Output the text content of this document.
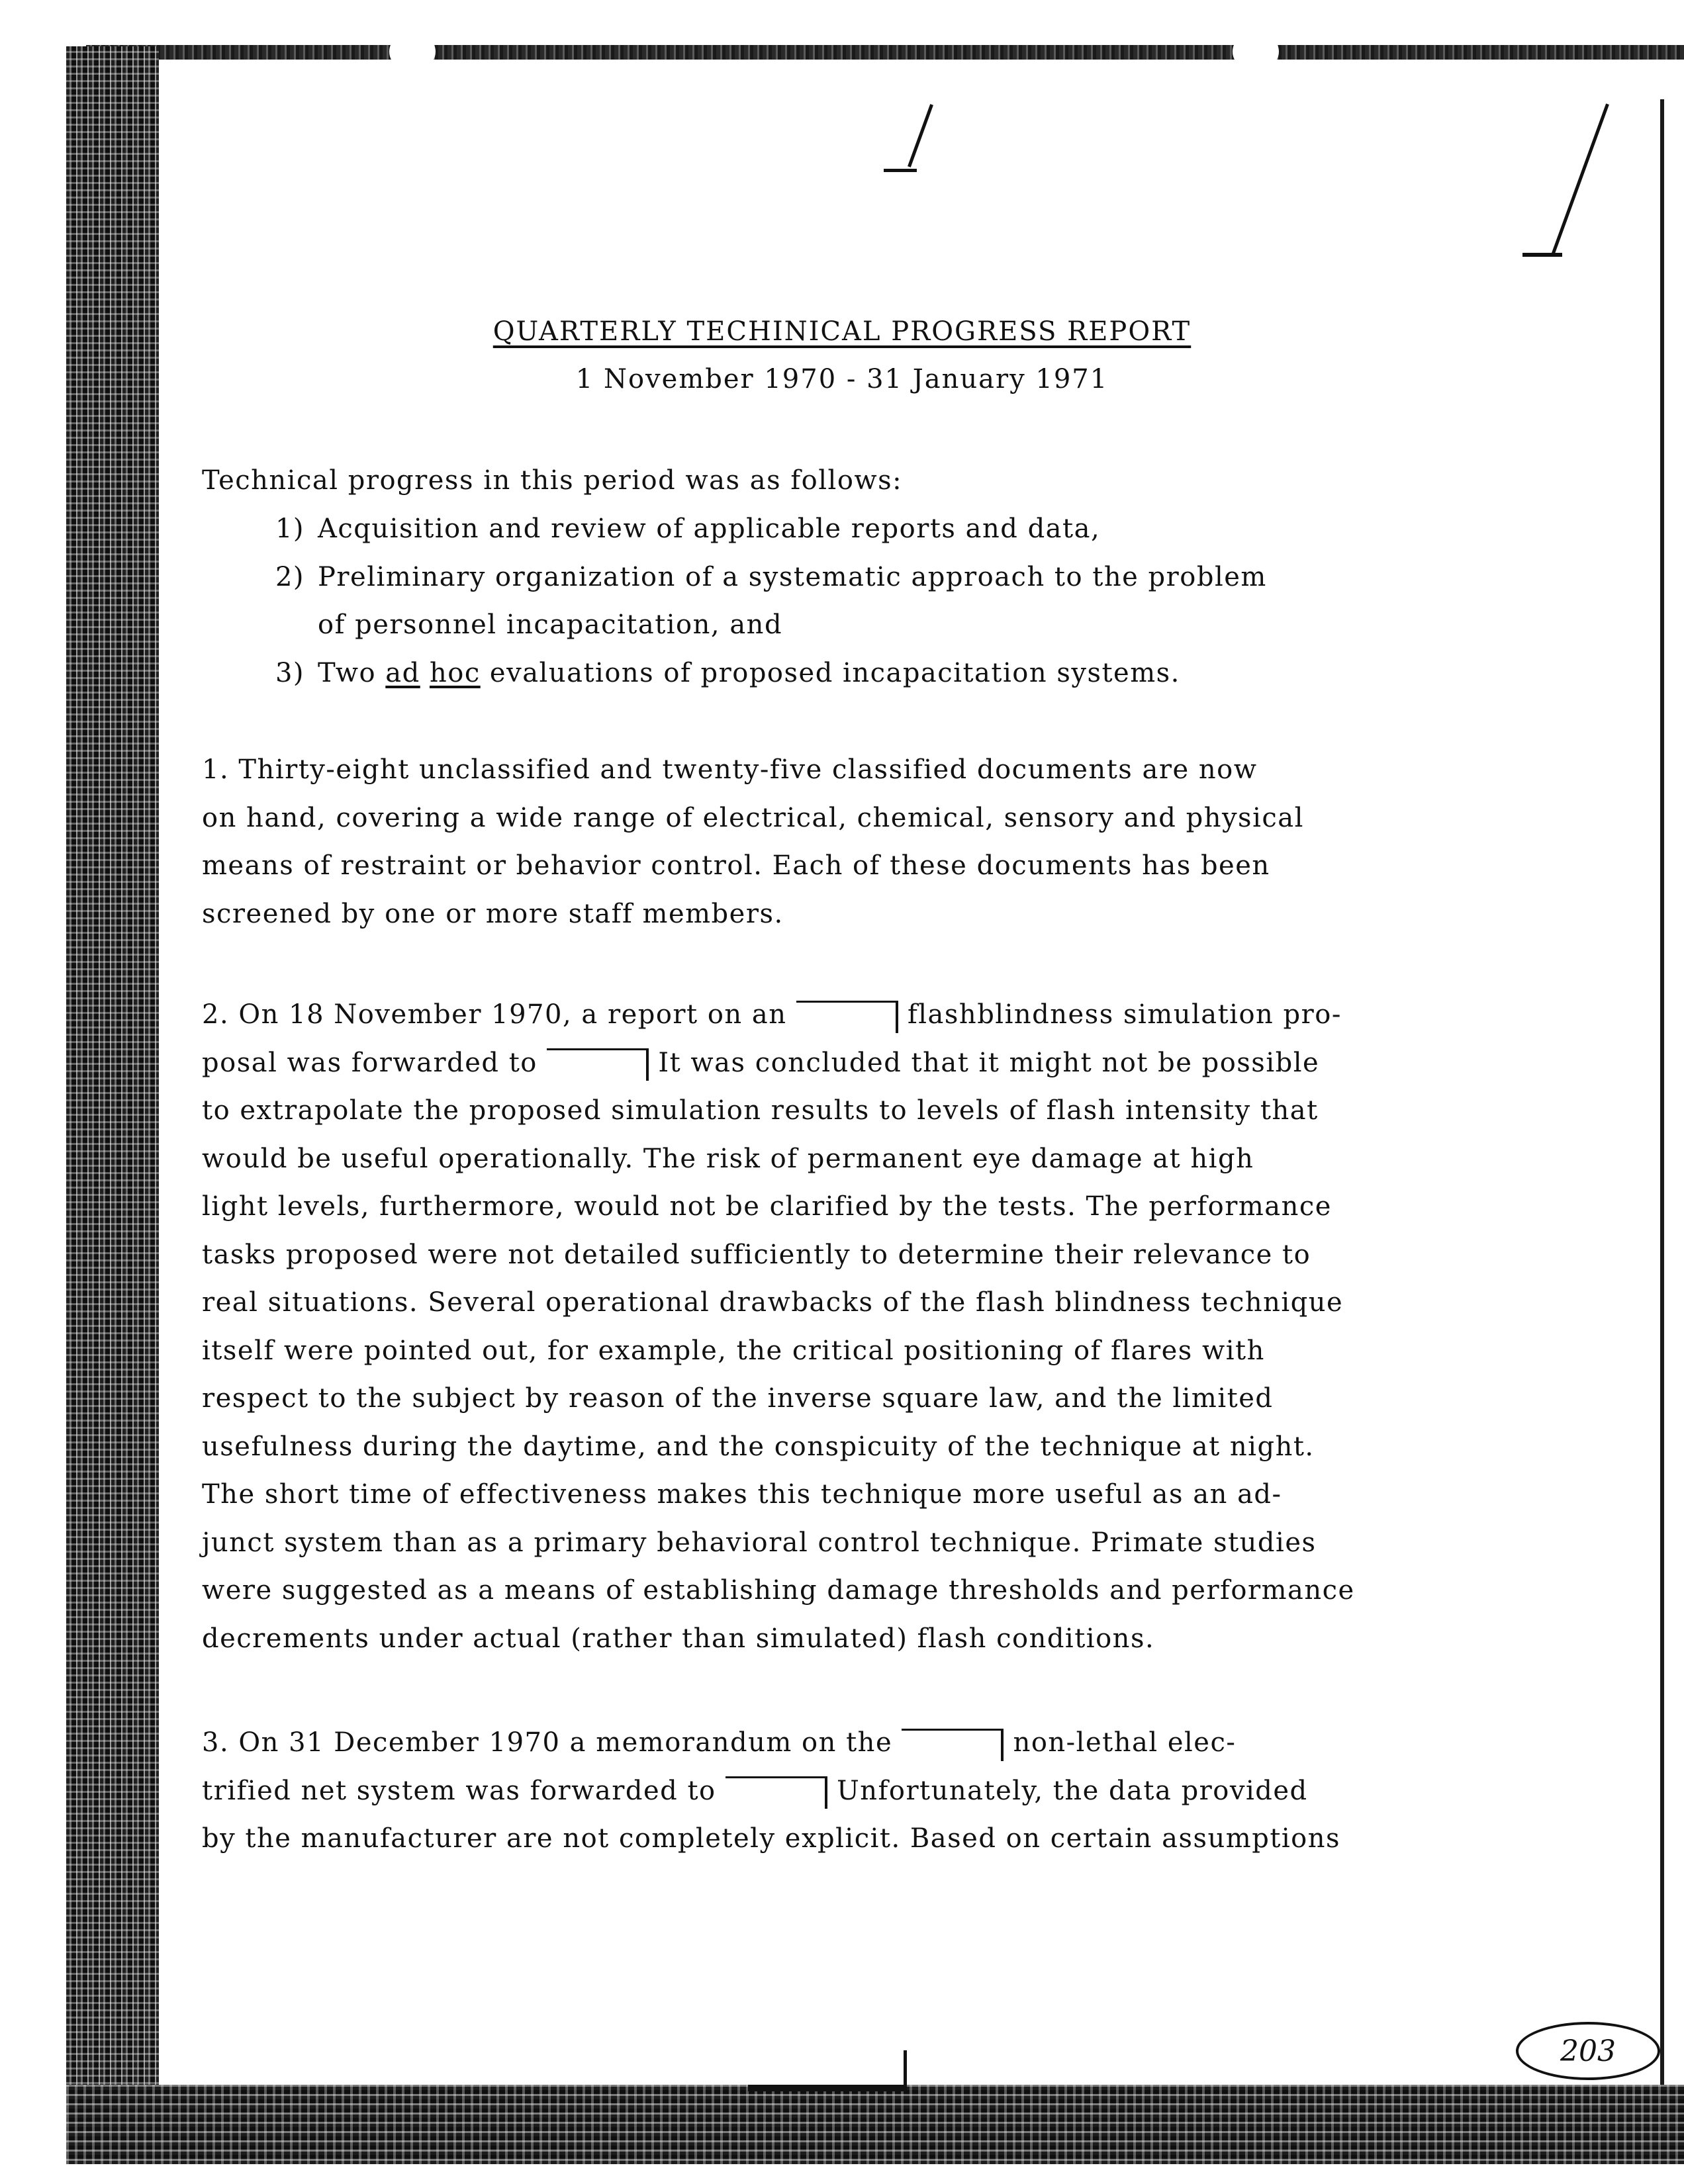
QUARTERLY TECHINICAL PROGRESS REPORT
1 November 1970 - 31 January 1971
Technical progress in this period was as follows:
1) Acquisition and review of applicable reports and data,
2) Preliminary organization of a systematic approach to the problem
of personnel incapacitation, and
3) Two ad hoc evaluations of proposed incapacitation systems.
1. Thirty-eight unclassified and twenty-five classified documents are now
on hand, covering a wide range of electrical, chemical, sensory and physical
means of restraint or behavior control. Each of these documents has been
screened by one or more staff members.
2. On 18 November 1970, a report on an	flashblindness simulation pro-
posal was forwarded to	It was concluded that it might not be possible
to extrapolate the proposed simulation results to levels of flash intensity that
would be useful operationally. The risk of permanent eye damage at high
light levels, furthermore, would not be clarified by the tests. The performance
tasks proposed were not detailed sufficiently to determine their relevance to
real situations. Several operational drawbacks of the flash blindness technique
itself were pointed out, for example, the critical positioning of flares with
respect to the subject by reason of the inverse square law, and the limited
usefulness during the daytime, and the conspicuity of the technique at night.
The short time of effectiveness makes this technique more useful as an ad-
junct system than as a primary behavioral control technique. Primate studies
were suggested as a means of establishing damage thresholds and performance
decrements under actual (rather than simulated) flash conditions.
3. On 31 December 1970 a memorandum on the	non-lethal elec-
trified net system was forwarded to	Unfortunately, the data provided
by the manufacturer are not completely explicit. Based on certain assumptions
203
